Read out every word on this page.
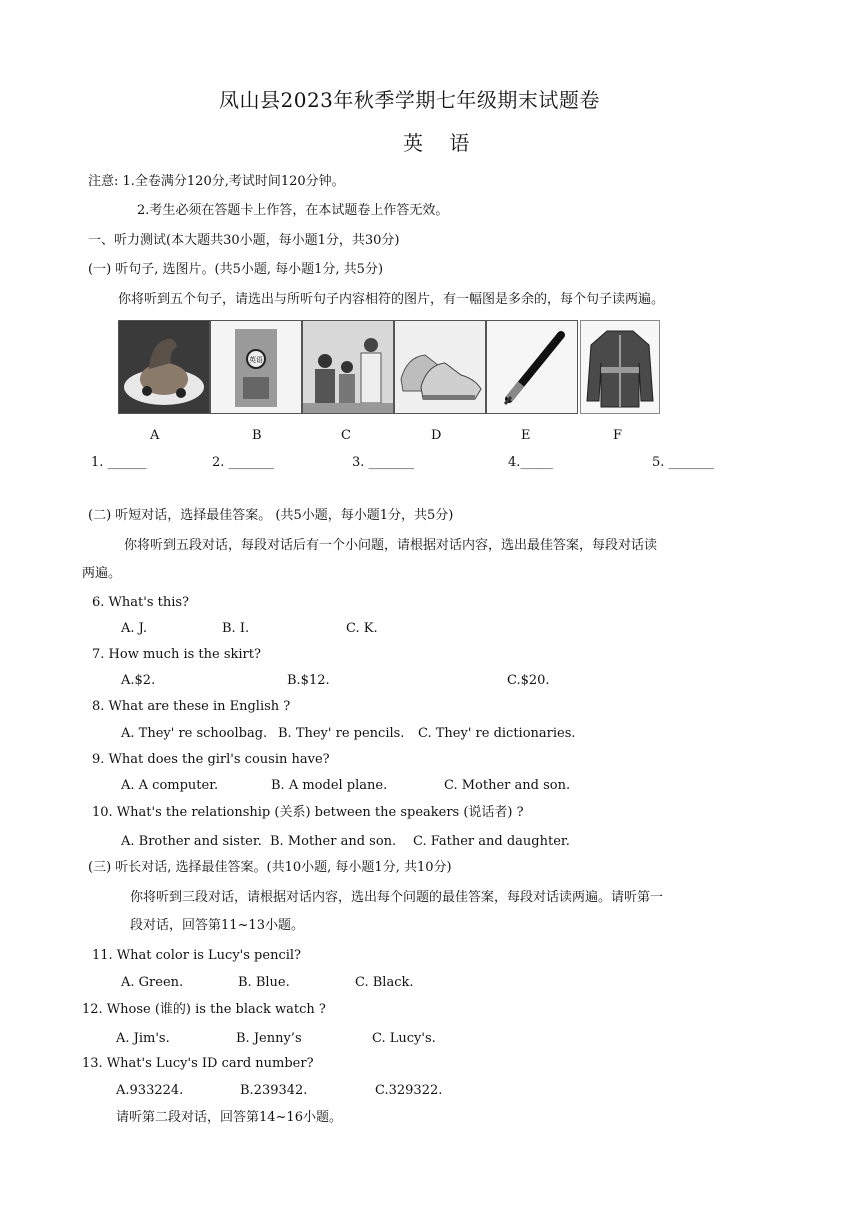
凤山县2023年秋季学期七年级期末试题卷
英 语
注意: 1.全卷满分120分,考试时间120分钟。
2.考生必须在答题卡上作答，在本试题卷上作答无效。
一、听力测试(本大题共30小题，每小题1分，共30分)
(一) 听句子, 选图片。(共5小题, 每小题1分, 共5分)
你将听到五个句子，请选出与所听句子内容相符的图片，有一幅图是多余的，每个句子读两遍。
英语
A	B	C	D	E	F
1. ______	2. _______	3. _______	4._____	5. _______
(二) 听短对话，选择最佳答案。 (共5小题，每小题1分，共5分)
你将听到五段对话，每段对话后有一个小问题，请根据对话内容，选出最佳答案，每段对话读
两遍。
6. What's this?
A. J.	B. I.	C. K.
7. How much is the skirt?
A.$2.	B.$12.	C.$20.
8. What are these in English ?
A. They' re schoolbag. B. They' re pencils. C. They' re dictionaries.
9. What does the girl's cousin have?
A. A computer.	B. A model plane.	C. Mother and son.
10. What's the relationship (关系) between the speakers (说话者) ?
A. Brother and sister. B. Mother and son. C. Father and daughter.
(三) 听长对话, 选择最佳答案。(共10小题, 每小题1分, 共10分)
你将听到三段对话，请根据对话内容，选出每个问题的最佳答案，每段对话读两遍。请听第一
段对话，回答第11~13小题。
11. What color is Lucy's pencil?
A. Green.	B. Blue.	C. Black.
12. Whose (谁的) is the black watch ?
A. Jim's.	B. Jenny’s	C. Lucy's.
13. What's Lucy's ID card number?
A.933224.	B.239342.	C.329322.
请听第二段对话，回答第14~16小题。
